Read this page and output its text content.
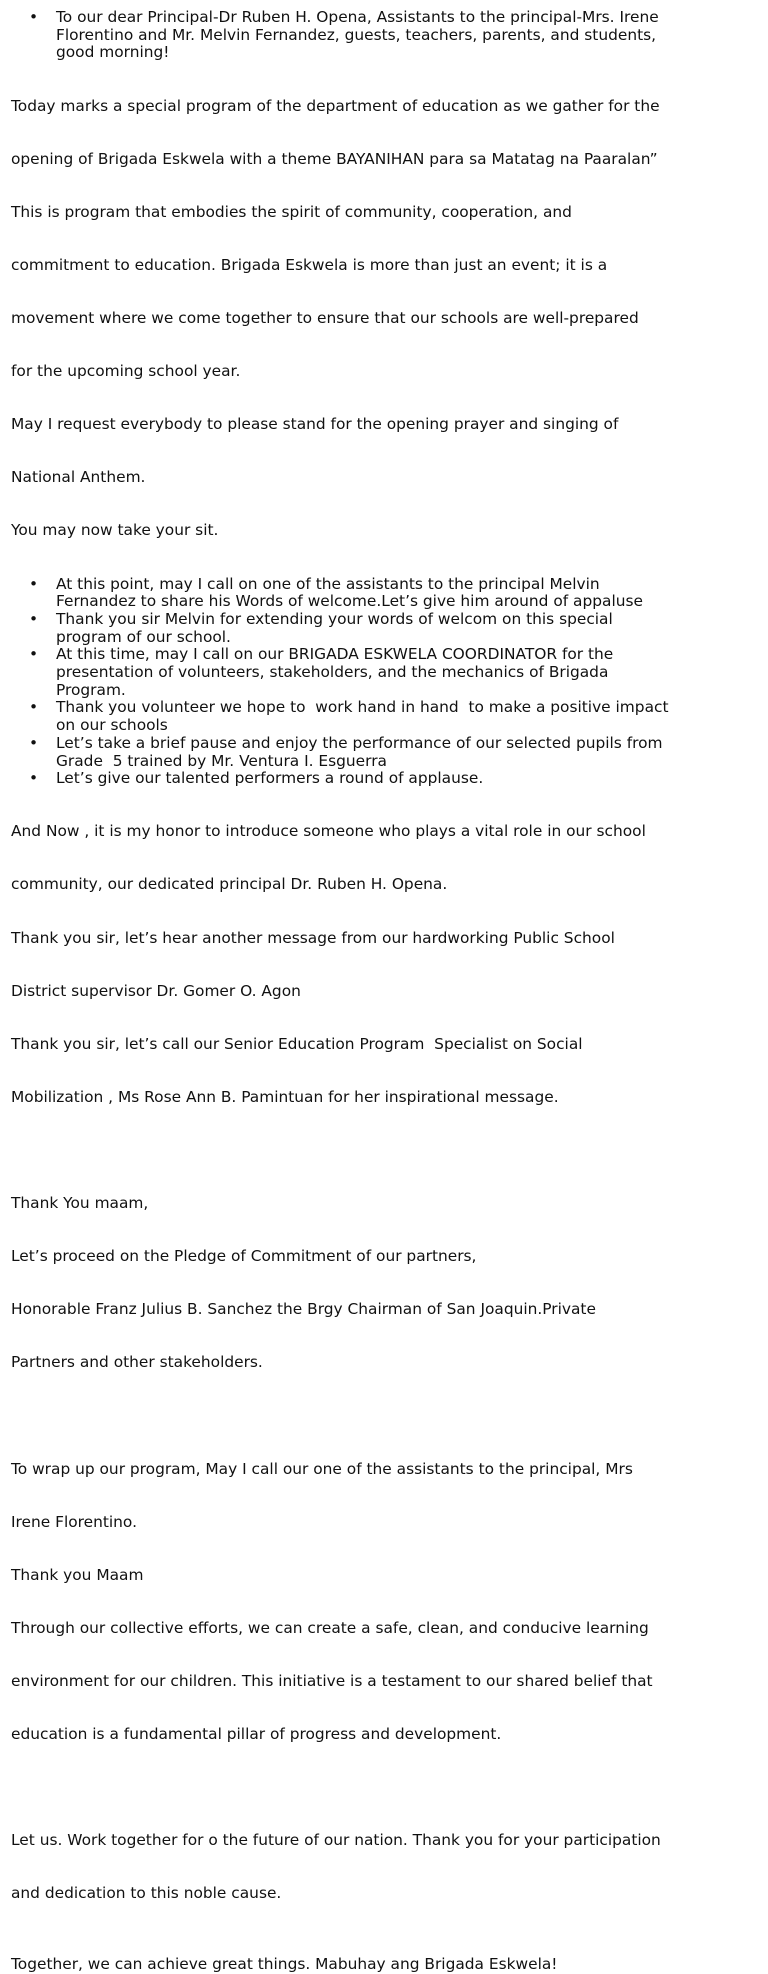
• To our dear Principal-Dr Ruben H. Opena, Assistants to the principal-Mrs. Irene
Florentino and Mr. Melvin Fernandez, guests, teachers, parents, and students,
good morning!

Today marks a special program of the department of education as we gather for the

opening of Brigada Eskwela with a theme BAYANIHAN para sa Matatag na Paaralan”

This is program that embodies the spirit of community, cooperation, and

commitment to education. Brigada Eskwela is more than just an event; it is a

movement where we come together to ensure that our schools are well-prepared

for the upcoming school year.

May I request everybody to please stand for the opening prayer and singing of

National Anthem.

You may now take your sit.

• At this point, may I call on one of the assistants to the principal Melvin
Fernandez to share his Words of welcome.Let’s give him around of appaluse
• Thank you sir Melvin for extending your words of welcom on this special
program of our school.
• At this time, may I call on our BRIGADA ESKWELA COORDINATOR for the
presentation of volunteers, stakeholders, and the mechanics of Brigada
Program.
• Thank you volunteer we hope to  work hand in hand  to make a positive impact
on our schools
• Let’s take a brief pause and enjoy the performance of our selected pupils from
Grade  5 trained by Mr. Ventura I. Esguerra
• Let’s give our talented performers a round of applause.

And Now , it is my honor to introduce someone who plays a vital role in our school

community, our dedicated principal Dr. Ruben H. Opena.

Thank you sir, let’s hear another message from our hardworking Public School

District supervisor Dr. Gomer O. Agon

Thank you sir, let’s call our Senior Education Program  Specialist on Social

Mobilization , Ms Rose Ann B. Pamintuan for her inspirational message.

Thank You maam,

Let’s proceed on the Pledge of Commitment of our partners,

Honorable Franz Julius B. Sanchez the Brgy Chairman of San Joaquin.Private

Partners and other stakeholders.

To wrap up our program, May I call our one of the assistants to the principal, Mrs

Irene Florentino.

Thank you Maam

Through our collective efforts, we can create a safe, clean, and conducive learning

environment for our children. This initiative is a testament to our shared belief that

education is a fundamental pillar of progress and development.

Let us. Work together for o the future of our nation. Thank you for your participation

and dedication to this noble cause.

Together, we can achieve great things. Mabuhay ang Brigada Eskwela!
